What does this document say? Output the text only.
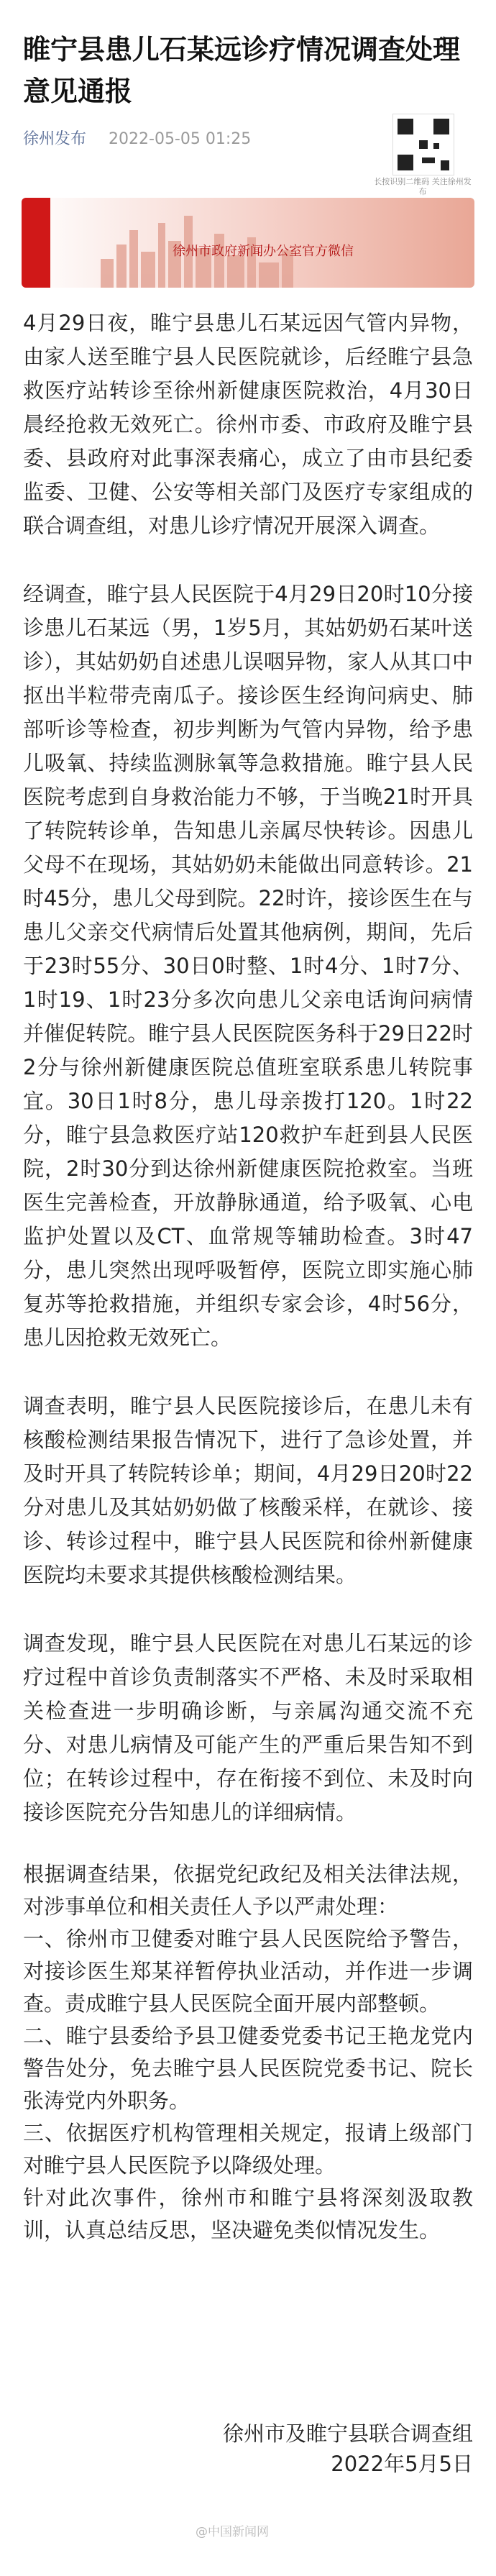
睢宁县患儿石某远诊疗情况调查处理意见通报
徐州发布 2022-05-05 01:25
长按识别二维码 关注徐州发布
徐州市政府新闻办公室官方微信

4月29日夜，睢宁县患儿石某远因气管内异物，由家人送至睢宁县人民医院就诊，后经睢宁县急救医疗站转诊至徐州新健康医院救治，4月30日晨经抢救无效死亡。徐州市委、市政府及睢宁县委、县政府对此事深表痛心，成立了由市县纪委监委、卫健、公安等相关部门及医疗专家组成的联合调查组，对患儿诊疗情况开展深入调查。

经调查，睢宁县人民医院于4月29日20时10分接诊患儿石某远（男，1岁5月，其姑奶奶石某叶送诊），其姑奶奶自述患儿误咽异物，家人从其口中抠出半粒带壳南瓜子。接诊医生经询问病史、肺部听诊等检查，初步判断为气管内异物，给予患儿吸氧、持续监测脉氧等急救措施。睢宁县人民医院考虑到自身救治能力不够，于当晚21时开具了转院转诊单，告知患儿亲属尽快转诊。因患儿父母不在现场，其姑奶奶未能做出同意转诊。21时45分，患儿父母到院。22时许，接诊医生在与患儿父亲交代病情后处置其他病例，期间，先后于23时55分、30日0时整、1时4分、1时7分、1时19、1时23分多次向患儿父亲电话询问病情并催促转院。睢宁县人民医院医务科于29日22时2分与徐州新健康医院总值班室联系患儿转院事宜。30日1时8分，患儿母亲拨打120。1时22分，睢宁县急救医疗站120救护车赶到县人民医院，2时30分到达徐州新健康医院抢救室。当班医生完善检查，开放静脉通道，给予吸氧、心电监护处置以及CT、血常规等辅助检查。3时47分，患儿突然出现呼吸暂停，医院立即实施心肺复苏等抢救措施，并组织专家会诊，4时56分，患儿因抢救无效死亡。

调查表明，睢宁县人民医院接诊后，在患儿未有核酸检测结果报告情况下，进行了急诊处置，并及时开具了转院转诊单；期间，4月29日20时22分对患儿及其姑奶奶做了核酸采样，在就诊、接诊、转诊过程中，睢宁县人民医院和徐州新健康医院均未要求其提供核酸检测结果。

调查发现，睢宁县人民医院在对患儿石某远的诊疗过程中首诊负责制落实不严格、未及时采取相关检查进一步明确诊断，与亲属沟通交流不充分、对患儿病情及可能产生的严重后果告知不到位；在转诊过程中，存在衔接不到位、未及时向接诊医院充分告知患儿的详细病情。

根据调查结果，依据党纪政纪及相关法律法规，对涉事单位和相关责任人予以严肃处理：

一、徐州市卫健委对睢宁县人民医院给予警告，对接诊医生郑某祥暂停执业活动，并作进一步调查。责成睢宁县人民医院全面开展内部整顿。

二、睢宁县委给予县卫健委党委书记王艳龙党内警告处分，免去睢宁县人民医院党委书记、院长张涛党内外职务。

三、依据医疗机构管理相关规定，报请上级部门对睢宁县人民医院予以降级处理。

针对此次事件，徐州市和睢宁县将深刻汲取教训，认真总结反思，坚决避免类似情况发生。

徐州市及睢宁县联合调查组
2022年5月5日
@中国新闻网
